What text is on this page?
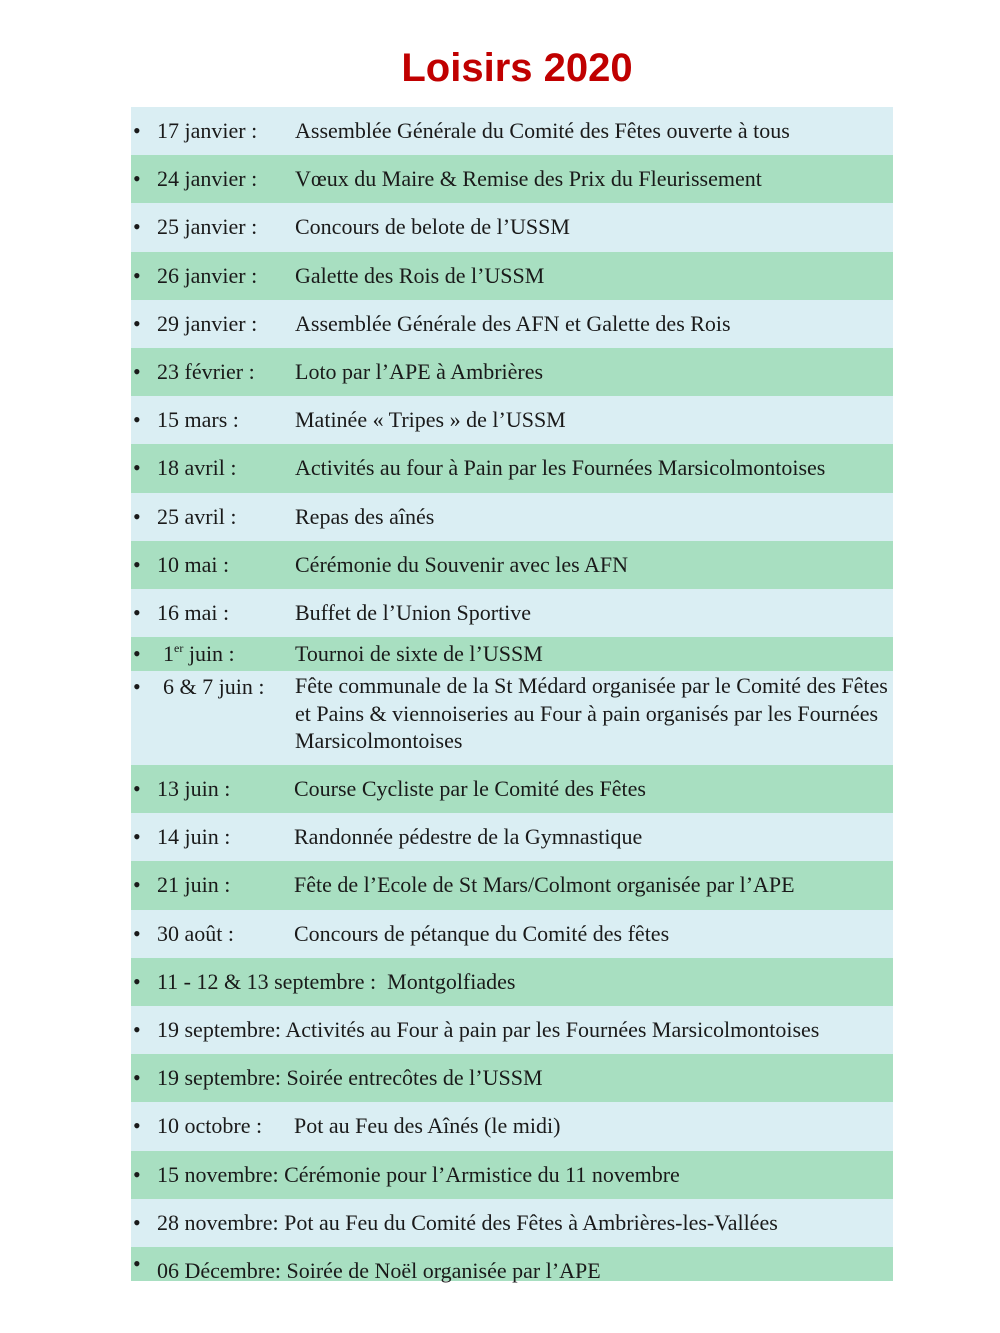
Loisirs 2020
• 17 janvier : Assemblée Générale du Comité des Fêtes ouverte à tous
• 24 janvier : Vœux du Maire & Remise des Prix du Fleurissement
• 25 janvier : Concours de belote de l’USSM
• 26 janvier : Galette des Rois de l’USSM
• 29 janvier : Assemblée Générale des AFN et Galette des Rois
• 23 février : Loto par l’APE à Ambrières
• 15 mars :	Matinée « Tripes » de l’USSM
• 18 avril :	Activités au four à Pain par les Fournées Marsicolmontoises
• 25 avril :	Repas des aînés
• 10 mai :	Cérémonie du Souvenir avec les AFN
• 16 mai :	Buffet de l’Union Sportive
• 1er juin :	Tournoi de sixte de l’USSM
• 6 & 7 juin : Fête communale de la St Médard organisée par le Comité des Fêtes et Pains & viennoiseries au Four à pain organisés par les Fournées Marsicolmontoises
• 13 juin :	Course Cycliste par le Comité des Fêtes
• 14 juin :	Randonnée pédestre de la Gymnastique
• 21 juin :	Fête de l’Ecole de St Mars/Colmont organisée par l’APE
• 30 août :	Concours de pétanque du Comité des fêtes
• 11 - 12 & 13 septembre : Montgolfiades
• 19 septembre: Activités au Four à pain par les Fournées Marsicolmontoises
• 19 septembre: Soirée entrecôtes de l’USSM
• 10 octobre : Pot au Feu des Aînés (le midi)
• 15 novembre: Cérémonie pour l’Armistice du 11 novembre
• 28 novembre: Pot au Feu du Comité des Fêtes à Ambrières-les-Vallées
• 06 Décembre: Soirée de Noël organisée par l’APE
